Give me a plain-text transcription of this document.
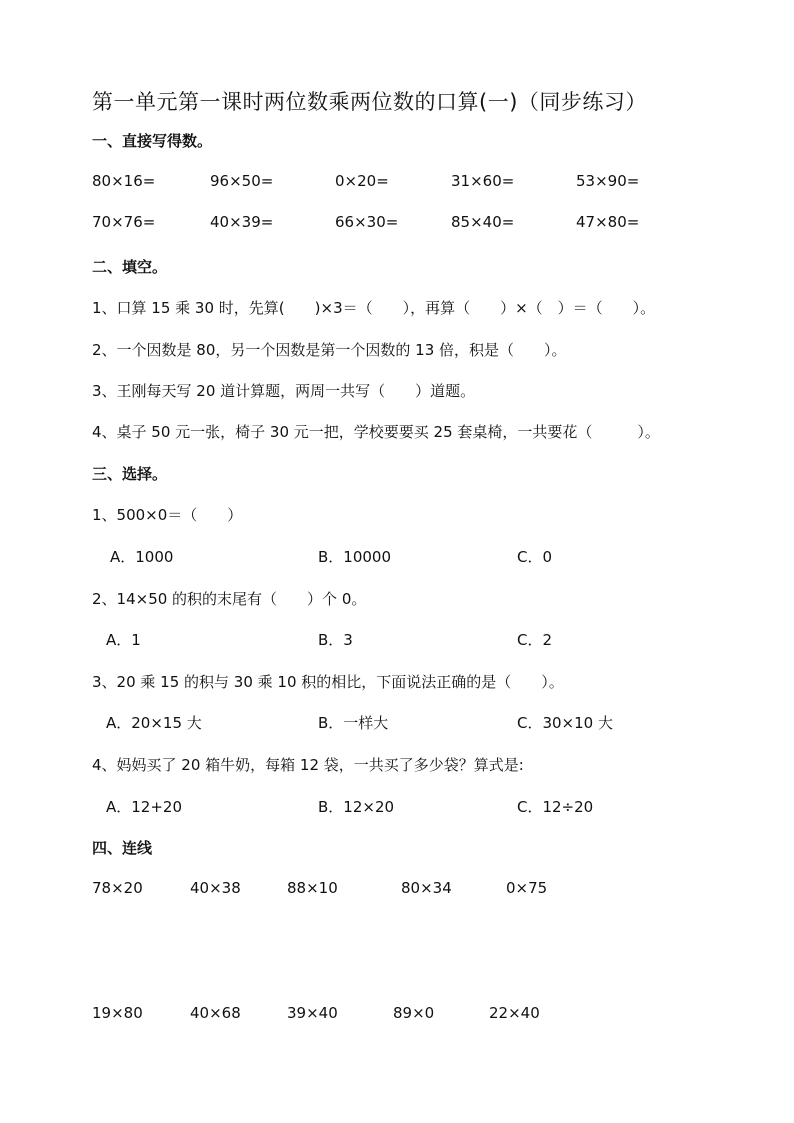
第一单元第一课时两位数乘两位数的口算(一)（同步练习）
一、直接写得数。
80×16=	96×50=	0×20=	31×60=	53×90=
70×76=	40×39=	66×30=	85×40=	47×80=
二、填空。
1、口算 15 乘 30 时，先算(　　)×3＝（　　），再算（　　）×（　）＝（　　）。
2、一个因数是 80，另一个因数是第一个因数的 13 倍，积是（　　）。
3、王刚每天写 20 道计算题，两周一共写（　　）道题。
4、桌子 50 元一张，椅子 30 元一把，学校要要买 25 套桌椅，一共要花（　　　）。
三、选择。
1、500×0＝（　　）
A．1000	B．10000	C．0
2、14×50 的积的末尾有（　　）个 0。
A．1	B．3	C．2
3、20 乘 15 的积与 30 乘 10 积的相比，下面说法正确的是（　　）。
A．20×15 大	B．一样大	C．30×10 大
4、妈妈买了 20 箱牛奶，每箱 12 袋，一共买了多少袋？算式是:
A．12+20	B．12×20	C．12÷20
四、连线
78×20	40×38	88×10	80×34	0×75
19×80	40×68	39×40	89×0	22×40
